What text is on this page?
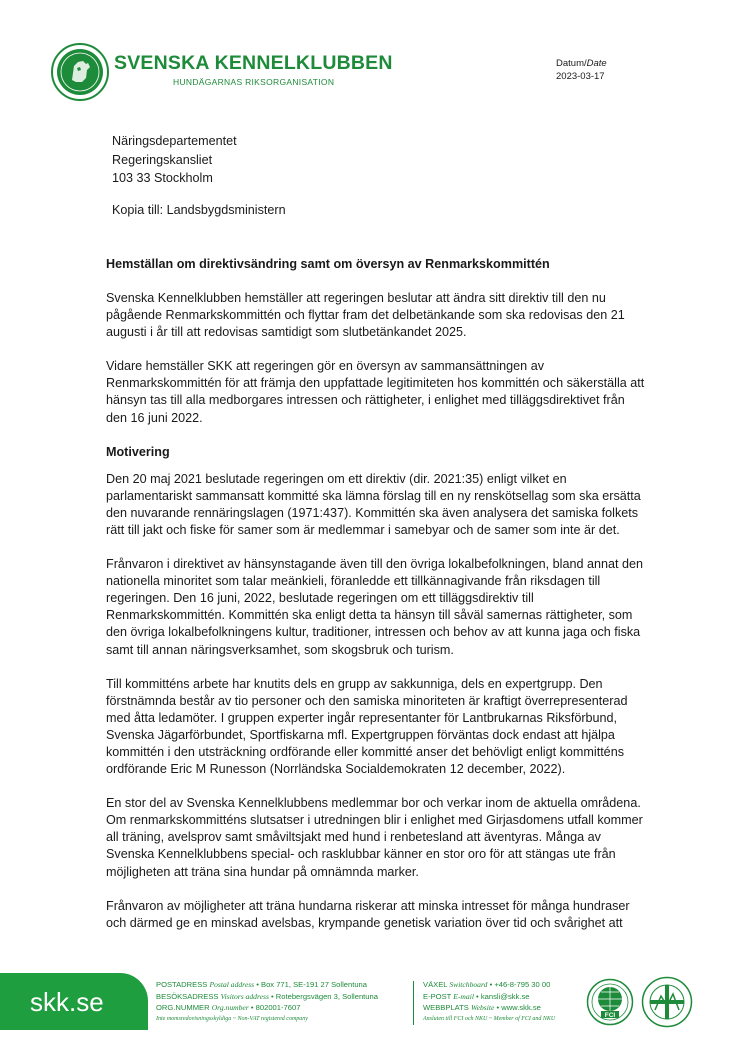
SVENSKA KENNELKLUBBEN
HUNDÄGARNAS RIKSORGANISATION
Datum/Date
2023-03-17
Näringsdepartementet
Regeringskansliet
103 33 Stockholm
Kopia till: Landsbygdsministern
Hemställan om direktivsändring samt om översyn av Renmarkskommittén

Svenska Kennelklubben hemställer att regeringen beslutar att ändra sitt direktiv till den nu pågående Renmarkskommittén och flyttar fram det delbetänkande som ska redovisas den 21 augusti i år till att redovisas samtidigt som slutbetänkandet 2025.

Vidare hemställer SKK att regeringen gör en översyn av sammansättningen av Renmarkskommittén för att främja den uppfattade legitimiteten hos kommittén och säkerställa att hänsyn tas till alla medborgares intressen och rättigheter, i enlighet med tilläggsdirektivet från den 16 juni 2022.

Motivering

Den 20 maj 2021 beslutade regeringen om ett direktiv (dir. 2021:35) enligt vilket en parlamentariskt sammansatt kommitté ska lämna förslag till en ny renskötsellag som ska ersätta den nuvarande rennäringslagen (1971:437). Kommittén ska även analysera det samiska folkets rätt till jakt och fiske för samer som är medlemmar i samebyar och de samer som inte är det.

Frånvaron i direktivet av hänsynstagande även till den övriga lokalbefolkningen, bland annat den nationella minoritet som talar meänkieli, föranledde ett tillkännagivande från riksdagen till regeringen. Den 16 juni, 2022, beslutade regeringen om ett tilläggsdirektiv till Renmarkskommittén. Kommittén ska enligt detta ta hänsyn till såväl samernas rättigheter, som den övriga lokalbefolkningens kultur, traditioner, intressen och behov av att kunna jaga och fiska samt till annan näringsverksamhet, som skogsbruk och turism.

Till kommitténs arbete har knutits dels en grupp av sakkunniga, dels en expertgrupp. Den förstnämnda består av tio personer och den samiska minoriteten är kraftigt överrepresenterad med åtta ledamöter. I gruppen experter ingår representanter för Lantbrukarnas Riksförbund, Svenska Jägarförbundet, Sportfiskarna mfl. Expertgruppen förväntas dock endast att hjälpa kommittén i den utsträckning ordförande eller kommitté anser det behövligt enligt kommitténs ordförande Eric M Runesson (Norrländska Socialdemokraten 12 december, 2022).

En stor del av Svenska Kennelklubbens medlemmar bor och verkar inom de aktuella områdena. Om renmarkskommitténs slutsatser i utredningen blir i enlighet med Girjasdomens utfall kommer all träning, avelsprov samt småviltsjakt med hund i renbetesland att äventyras. Många av Svenska Kennelklubbens special- och rasklubbar känner en stor oro för att stängas ute från möjligheten att träna sina hundar på omnämnda marker.

Frånvaron av möjligheter att träna hundarna riskerar att minska intresset för många hundraser och därmed ge en minskad avelsbas, krympande genetisk variation över tid och svårighet att

skk.se
POSTADRESS Postal address • Box 771, SE-191 27 Sollentuna
BESÖKSADRESS Visitors address • Rotebergsvägen 3, Sollentuna
ORG.NUMMER Org.number • 802001-7607
Inte momsredovisningsskyldiga ~ Non-VAT registered company
VÄXEL Switchboard • +46-8-795 30 00
E-POST E-mail • kansli@skk.se
WEBBPLATS Website • www.skk.se
Ansluten till FCI och NKU ~ Member of FCI and NKU	FCI
